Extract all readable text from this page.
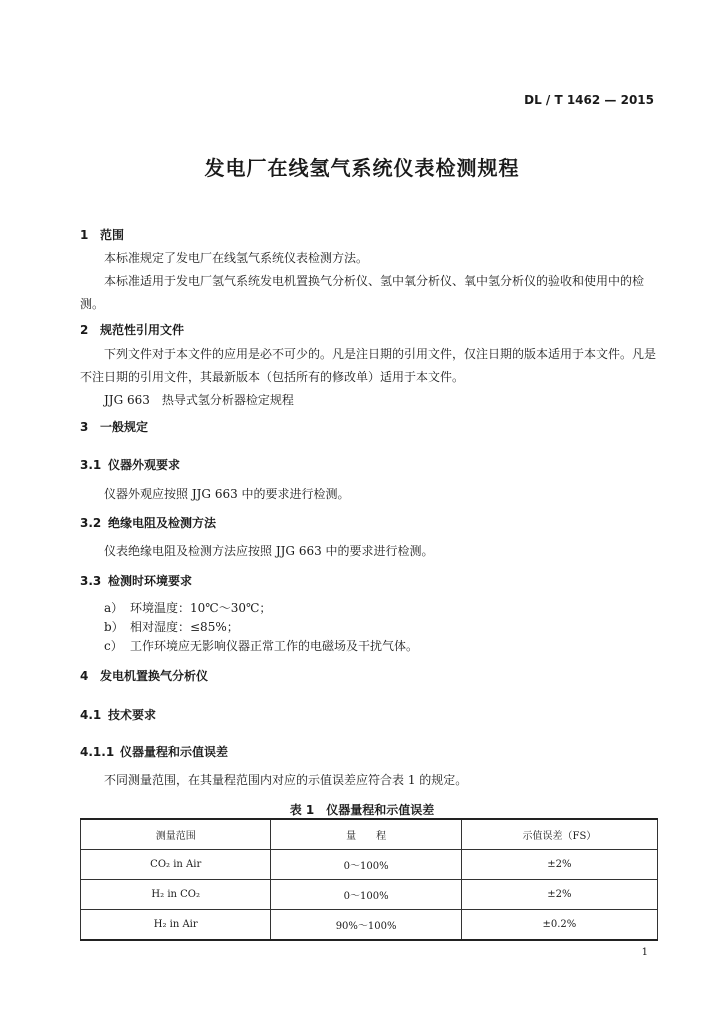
DL / T 1462 — 2015
发电厂在线氢气系统仪表检测规程
1 范围
本标准规定了发电厂在线氢气系统仪表检测方法。
本标准适用于发电厂氢气系统发电机置换气分析仪、氢中氧分析仪、氧中氢分析仪的验收和使用中的检测。
2 规范性引用文件
下列文件对于本文件的应用是必不可少的。凡是注日期的引用文件，仅注日期的版本适用于本文件。凡是不注日期的引用文件，其最新版本（包括所有的修改单）适用于本文件。
JJG 663　热导式氢分析器检定规程
3 一般规定
3.1 仪器外观要求
仪器外观应按照 JJG 663 中的要求进行检测。
3.2 绝缘电阻及检测方法
仪表绝缘电阻及检测方法应按照 JJG 663 中的要求进行检测。
3.3 检测时环境要求
a） 环境温度：10℃～30℃；
b） 相对湿度：≤85%；
c） 工作环境应无影响仪器正常工作的电磁场及干扰气体。
4 发电机置换气分析仪
4.1 技术要求
4.1.1 仪器量程和示值误差
不同测量范围，在其量程范围内对应的示值误差应符合表 1 的规定。
表 1　仪器量程和示值误差
测量范围	量　　程	示值误差（FS）
CO₂ in Air	0～100%	±2%
H₂ in CO₂	0～100%	±2%
H₂ in Air	90%～100%	±0.2%
1
